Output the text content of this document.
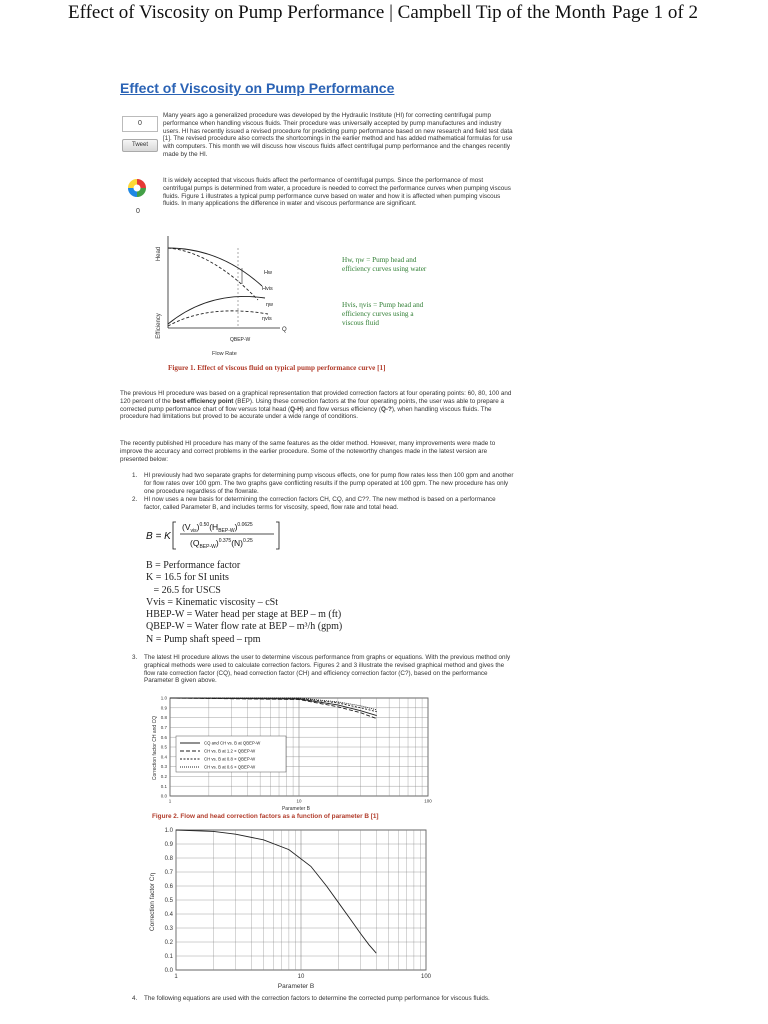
Effect of Viscosity on Pump Performance | Campbell Tip of the Month Page 1 of 2
Effect of Viscosity on Pump Performance
0
Tweet
0
Many years ago a generalized procedure was developed by the Hydraulic Institute (HI) for correcting centrifugal pump performance when handling viscous fluids. Their procedure was universally accepted by pump manufactures and industry users. HI has recently issued a revised procedure for predicting pump performance based on new research and field test data [1]. The revised procedure also corrects the shortcomings in the earlier method and has added mathematical formulas for use with computers. This month we will discuss how viscous fluids affect centrifugal pump performance and the changes recently made by the HI.
It is widely accepted that viscous fluids affect the performance of centrifugal pumps. Since the performance of most centrifugal pumps is determined from water, a procedure is needed to correct the performance curves when pumping viscous fluids. Figure 1 illustrates a typical pump performance curve based on water and how it is affected when pumping viscous fluids. In many applications the difference in water and viscous performance are significant.
Head
Efficiency
Hw
Hvis
ηw
ηvis
Q
QBEP-W
Flow Rate
Hw, ηw = Pump head and
efficiency curves using water
Hvis, ηvis = Pump head and
efficiency curves using a
viscous fluid
Figure 1. Effect of viscous fluid on typical pump performance curve [1]
The previous HI procedure was based on a graphical representation that provided correction factors at four operating points: 60, 80, 100 and 120 percent of the best efficiency point (BEP). Using these correction factors at the four operating points, the user was able to prepare a corrected pump performance chart of flow versus total head (Q-H) and flow versus efficiency (Q-?), when handling viscous fluids. The procedure had limitations but proved to be accurate under a wide range of conditions.
The recently published HI procedure has many of the same features as the older method. However, many improvements were made to improve the accuracy and correct problems in the earlier procedure. Some of the noteworthy changes made in the latest version are presented below:
1. HI previously had two separate graphs for determining pump viscous effects, one for pump flow rates less then 100 gpm and another for flow rates over 100 gpm. The two graphs gave conflicting results if the pump operated at 100 gpm. The new procedure has only one procedure regardless of the flowrate.
2. HI now uses a new basis for determining the correction factors CH, CQ, and C??. The new method is based on a performance factor, called Parameter B, and includes terms for viscosity, speed, flow rate and total head.
B = K
$(V_{vis})^{0.50}(H_{BEP-W})^{0.0625}$
$(Q_{BEP-W})^{0.375}(N)^{0.25}$
B = Performance factor
K = 16.5 for SI units
= 26.5 for USCS
Vvis = Kinematic viscosity – cSt
HBEP-W = Water head per stage at BEP – m (ft)
QBEP-W = Water flow rate at BEP – m³/h (gpm)
N = Pump shaft speed – rpm
3. The latest HI procedure allows the user to determine viscous performance from graphs or equations. With the previous method only graphical methods were used to calculate correction factors. Figures 2 and 3 illustrate the revised graphical method and gives the flow rate correction factor (CQ), head correction factor (CH) and efficiency correction factor (C?), based on the performance Parameter B given above.
Correction factor CH and CQ
1.0
0.9
0.8
0.7
0.6
0.5
0.4
0.3
0.2
0.1
0.0
1	10	100
CQ and CH vs. B at QBEP-W
CH vs. B at 1.2 × QBEP-W
CH vs. B at 0.8 × QBEP-W
CH vs. B at 0.6 × QBEP-W
Parameter B
Figure 2. Flow and head correction factors as a function of parameter B [1]
Correction factor Cη
1.0
0.9
0.8
0.7
0.6
0.5
0.4
0.3
0.2
0.1
0.0
1	10	100
Parameter B
4. The following equations are used with the correction factors to determine the corrected pump performance for viscous fluids.
